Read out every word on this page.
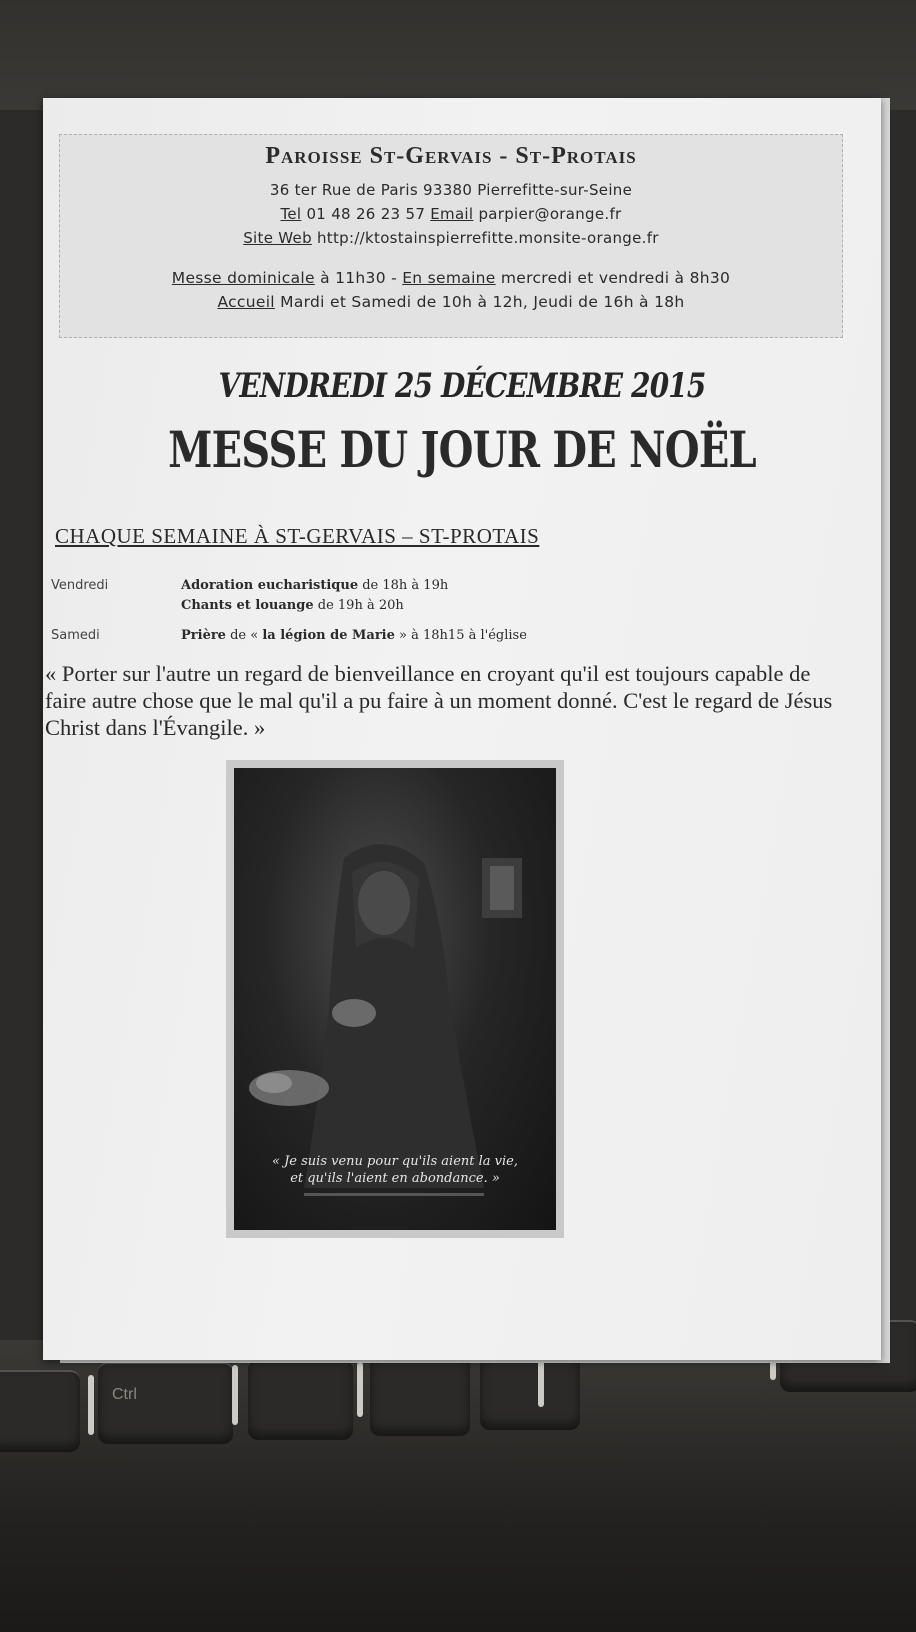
Ctrl
Paroisse St-Gervais - St-Protais
36 ter Rue de Paris 93380 Pierrefitte-sur-Seine
Tel 01 48 26 23 57 Email parpier@orange.fr
Site Web http://ktostainspierrefitte.monsite-orange.fr
Messe dominicale à 11h30 - En semaine mercredi et vendredi à 8h30
Accueil Mardi et Samedi de 10h à 12h, Jeudi de 16h à 18h
VENDREDI 25 DÉCEMBRE 2015
MESSE DU JOUR DE NOËL
CHAQUE SEMAINE À ST-GERVAIS – ST-PROTAIS
Vendredi	Adoration eucharistique de 18h à 19h
Chants et louange de 19h à 20h
Samedi	Prière de « la légion de Marie » à 18h15 à l'église
« Porter sur l'autre un regard de bienveillance en croyant qu'il est toujours capable de faire autre chose que le mal qu'il a pu faire à un moment donné. C'est le regard de Jésus Christ dans l'Évangile. »
« Je suis venu pour qu'ils aient la vie,
et qu'ils l'aient en abondance. »
